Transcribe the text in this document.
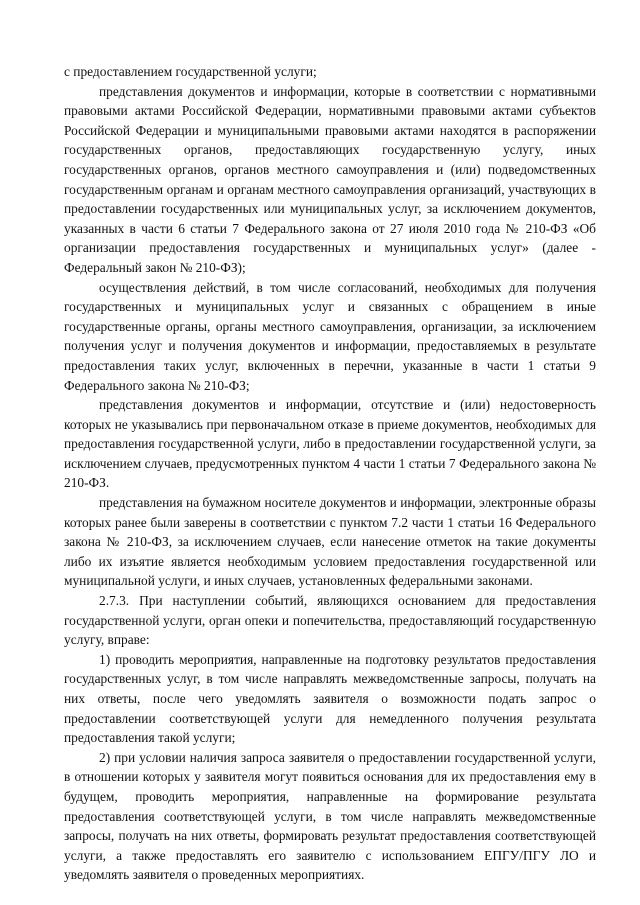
с предоставлением государственной услуги;

представления документов и информации, которые в соответствии с нормативными правовыми актами Российской Федерации, нормативными правовыми актами субъектов Российской Федерации и муниципальными правовыми актами находятся в распоряжении государственных органов, предоставляющих государственную услугу, иных государственных органов, органов местного самоуправления и (или) подведомственных государственным органам и органам местного самоуправления организаций, участвующих в предоставлении государственных или муниципальных услуг, за исключением документов, указанных в части 6 статьи 7 Федерального закона от 27 июля 2010 года № 210-ФЗ «Об организации предоставления государственных и муниципальных услуг» (далее - Федеральный закон № 210-ФЗ);

осуществления действий, в том числе согласований, необходимых для получения государственных и муниципальных услуг и связанных с обращением в иные государственные органы, органы местного самоуправления, организации, за исключением получения услуг и получения документов и информации, предоставляемых в результате предоставления таких услуг, включенных в перечни, указанные в части 1 статьи 9 Федерального закона № 210-ФЗ;

представления документов и информации, отсутствие и (или) недостоверность которых не указывались при первоначальном отказе в приеме документов, необходимых для предоставления государственной услуги, либо в предоставлении государственной услуги, за исключением случаев, предусмотренных пунктом 4 части 1 статьи 7 Федерального закона № 210-ФЗ.

представления на бумажном носителе документов и информации, электронные образы которых ранее были заверены в соответствии с пунктом 7.2 части 1 статьи 16 Федерального закона № 210-ФЗ, за исключением случаев, если нанесение отметок на такие документы либо их изъятие является необходимым условием предоставления государственной или муниципальной услуги, и иных случаев, установленных федеральными законами.

2.7.3. При наступлении событий, являющихся основанием для предоставления государственной услуги, орган опеки и попечительства, предоставляющий государственную услугу, вправе:

1) проводить мероприятия, направленные на подготовку результатов предоставления государственных услуг, в том числе направлять межведомственные запросы, получать на них ответы, после чего уведомлять заявителя о возможности подать запрос о предоставлении соответствующей услуги для немедленного получения результата предоставления такой услуги;

2) при условии наличия запроса заявителя о предоставлении государственной услуги, в отношении которых у заявителя могут появиться основания для их предоставления ему в будущем, проводить мероприятия, направленные на формирование результата предоставления соответствующей услуги, в том числе направлять межведомственные запросы, получать на них ответы, формировать результат предоставления соответствующей услуги, а также предоставлять его заявителю с использованием ЕПГУ/ПГУ ЛО и уведомлять заявителя о проведенных мероприятиях.
